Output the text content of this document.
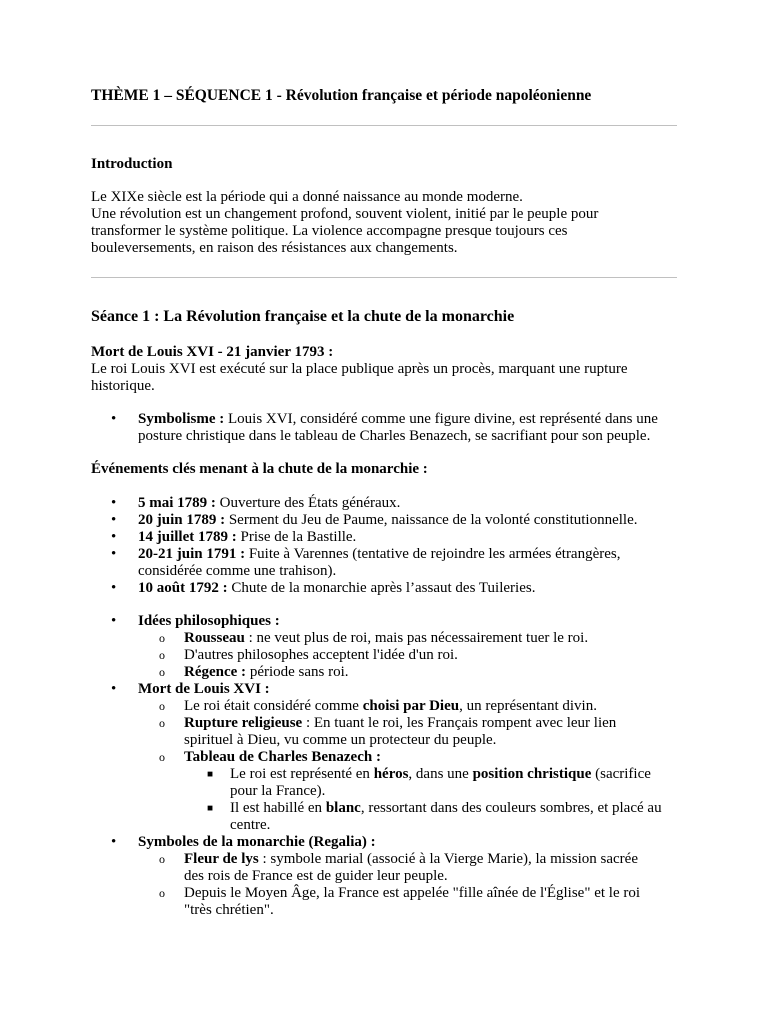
THÈME 1 – SÉQUENCE 1 - Révolution française et période napoléonienne
Introduction
Le XIXe siècle est la période qui a donné naissance au monde moderne.
Une révolution est un changement profond, souvent violent, initié par le peuple pour
transformer le système politique. La violence accompagne presque toujours ces
bouleversements, en raison des résistances aux changements.
Séance 1 : La Révolution française et la chute de la monarchie
Mort de Louis XVI - 21 janvier 1793 :
Le roi Louis XVI est exécuté sur la place publique après un procès, marquant une rupture
historique.
• Symbolisme : Louis XVI, considéré comme une figure divine, est représenté dans une
posture christique dans le tableau de Charles Benazech, se sacrifiant pour son peuple.
Événements clés menant à la chute de la monarchie :
• 5 mai 1789 : Ouverture des États généraux.
• 20 juin 1789 : Serment du Jeu de Paume, naissance de la volonté constitutionnelle.
• 14 juillet 1789 : Prise de la Bastille.
• 20-21 juin 1791 : Fuite à Varennes (tentative de rejoindre les armées étrangères,
considérée comme une trahison).
• 10 août 1792 : Chute de la monarchie après l’assaut des Tuileries.
• Idées philosophiques :
o Rousseau : ne veut plus de roi, mais pas nécessairement tuer le roi.
o D'autres philosophes acceptent l'idée d'un roi.
o Régence : période sans roi.
• Mort de Louis XVI :
o Le roi était considéré comme choisi par Dieu, un représentant divin.
o Rupture religieuse : En tuant le roi, les Français rompent avec leur lien
spirituel à Dieu, vu comme un protecteur du peuple.
o Tableau de Charles Benazech :
■ Le roi est représenté en héros, dans une position christique (sacrifice
pour la France).
■ Il est habillé en blanc, ressortant dans des couleurs sombres, et placé au
centre.
• Symboles de la monarchie (Regalia) :
o Fleur de lys : symbole marial (associé à la Vierge Marie), la mission sacrée
des rois de France est de guider leur peuple.
o Depuis le Moyen Âge, la France est appelée "fille aînée de l'Église" et le roi
"très chrétien".
